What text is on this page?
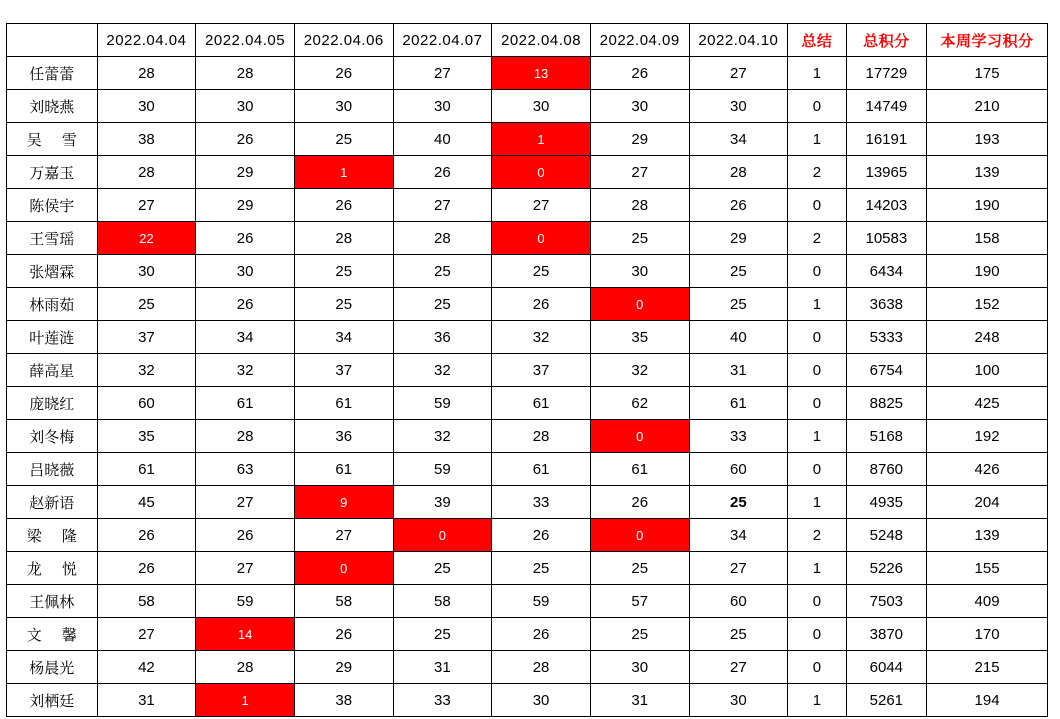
	2022.04.04	2022.04.05	2022.04.06	2022.04.07	2022.04.08	2022.04.09	2022.04.10	总结	总积分	本周学习积分
任蕾蕾	28	28	26	27	13	26	27	1	17729	175
刘晓燕	30	30	30	30	30	30	30	0	14749	210
吴 雪	38	26	25	40	1	29	34	1	16191	193
万嘉玉	28	29	1	26	0	27	28	2	13965	139
陈侯宇	27	29	26	27	27	28	26	0	14203	190
王雪瑶	22	26	28	28	0	25	29	2	10583	158
张熠霖	30	30	25	25	25	30	25	0	6434	190
林雨茹	25	26	25	25	26	0	25	1	3638	152
叶莲涟	37	34	34	36	32	35	40	0	5333	248
薛高星	32	32	37	32	37	32	31	0	6754	100
庞晓红	60	61	61	59	61	62	61	0	8825	425
刘冬梅	35	28	36	32	28	0	33	1	5168	192
吕晓薇	61	63	61	59	61	61	60	0	8760	426
赵新语	45	27	9	39	33	26	25	1	4935	204
梁 隆	26	26	27	0	26	0	34	2	5248	139
龙 悦	26	27	0	25	25	25	27	1	5226	155
王佩林	58	59	58	58	59	57	60	0	7503	409
文 馨	27	14	26	25	26	25	25	0	3870	170
杨晨光	42	28	29	31	28	30	27	0	6044	215
刘栖廷	31	1	38	33	30	31	30	1	5261	194
